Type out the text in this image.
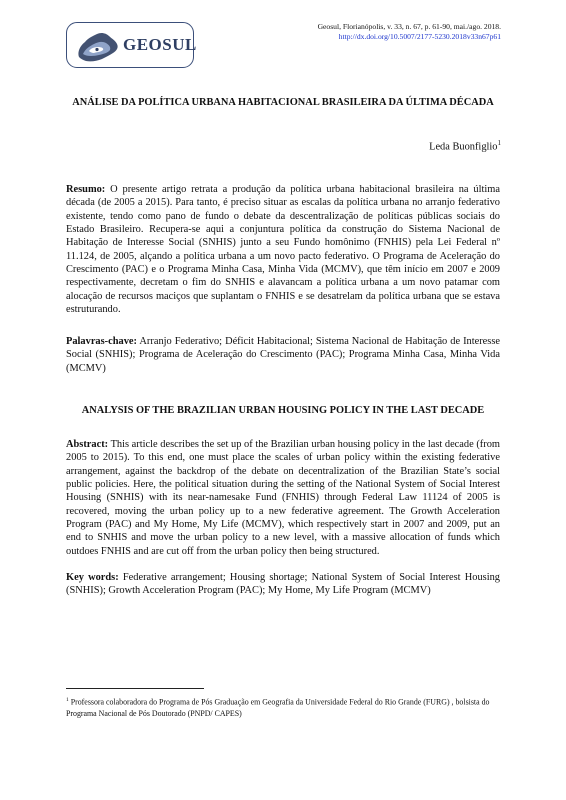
GEOSUL
Geosul, Florianópolis, v. 33, n. 67, p. 61-90, mai./ago. 2018.
http://dx.doi.org/10.5007/2177-5230.2018v33n67p61
ANÁLISE DA POLÍTICA URBANA HABITACIONAL BRASILEIRA DA ÚLTIMA DÉCADA
Leda Buonfiglio$^1$

Resumo: O presente artigo retrata a produção da política urbana habitacional brasileira na última década (de 2005 a 2015). Para tanto, é preciso situar as escalas da política urbana no arranjo federativo existente, tendo como pano de fundo o debate da descentralização de políticas públicas sociais do Estado Brasileiro. Recupera-se aqui a conjuntura política da construção do Sistema Nacional de Habitação de Interesse Social (SNHIS) junto a seu Fundo homônimo (FNHIS) pela Lei Federal nº 11.124, de 2005, alçando a política urbana a um novo pacto federativo. O Programa de Aceleração do Crescimento (PAC) e o Programa Minha Casa, Minha Vida (MCMV), que têm início em 2007 e 2009 respectivamente, decretam o fim do SNHIS e alavancam a política urbana a um novo patamar com alocação de recursos maciços que suplantam o FNHIS e se desatrelam da política urbana que se estava estruturando.

Palavras-chave: Arranjo Federativo; Déficit Habitacional; Sistema Nacional de Habitação de Interesse Social (SNHIS); Programa de Aceleração do Crescimento (PAC); Programa Minha Casa, Minha Vida (MCMV)

ANALYSIS OF THE BRAZILIAN URBAN HOUSING POLICY IN THE LAST DECADE

Abstract: This article describes the set up of the Brazilian urban housing policy in the last decade (from 2005 to 2015). To this end, one must place the scales of urban policy within the existing federative arrangement, against the backdrop of the debate on decentralization of the Brazilian State’s social public policies. Here, the political situation during the setting of the National System of Social Interest Housing (SNHIS) with its near-namesake Fund (FNHIS) through Federal Law 11124 of 2005 is recovered, moving the urban policy up to a new federative agreement. The Growth Acceleration Program (PAC) and My Home, My Life (MCMV), which respectively start in 2007 and 2009, put an end to SNHIS and move the urban policy to a new level, with a massive allocation of funds which outdoes FNHIS and are cut off from the urban policy then being structured.

Key words: Federative arrangement; Housing shortage; National System of Social Interest Housing (SNHIS); Growth Acceleration Program (PAC); My Home, My Life Program (MCMV)

$^1$ Professora colaboradora do Programa de Pós Graduação em Geografia da Universidade Federal do Rio Grande (FURG) , bolsista do Programa Nacional de Pós Doutorado (PNPD/ CAPES)
